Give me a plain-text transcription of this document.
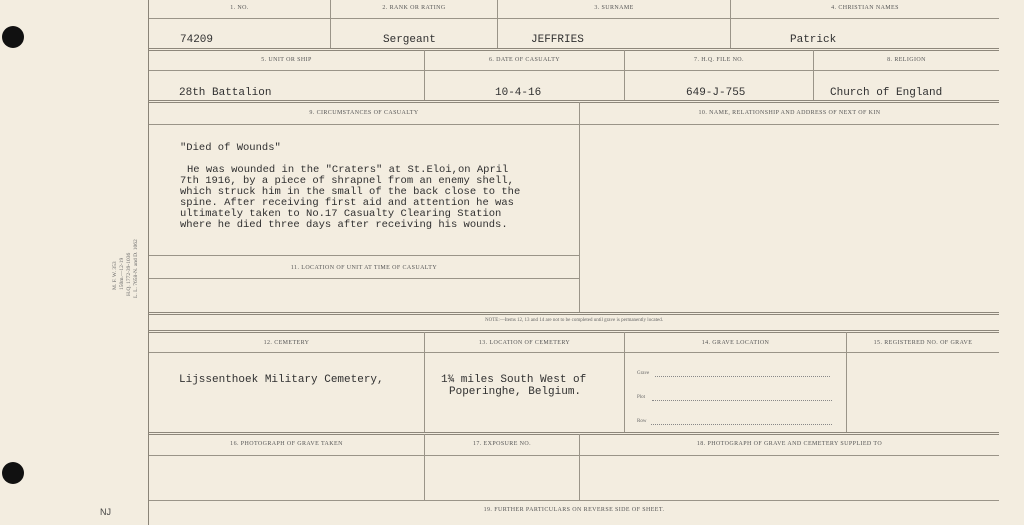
M. F. W. 353 150m.—12-19 H.Q. 1772-39-1036 L. L. 7658-N. and D. 1062
NJ
1. NO.	2. RANK OR RATING	3. SURNAME	4. CHRISTIAN NAMES
74209	Sergeant	JEFFRIES	Patrick
5. UNIT OR SHIP	6. DATE OF CASUALTY	7. H.Q. FILE NO.	8. RELIGION
28th Battalion	10-4-16	649-J-755	Church of England
9. CIRCUMSTANCES OF CASUALTY	10. NAME, RELATIONSHIP AND ADDRESS OF NEXT OF KIN
"Died of Wounds"
He was wounded in the "Craters" at St.Eloi,on April
7th 1916, by a piece of shrapnel from an enemy shell,
which struck him in the small of the back close to the
spine. After receiving first aid and attention he was
ultimately taken to No.17 Casualty Clearing Station
where he died three days after receiving his wounds.
11. LOCATION OF UNIT AT TIME OF CASUALTY
NOTE:—Items 12, 13 and 14 are not to be completed until grave is permanently located.
12. CEMETERY	13. LOCATION OF CEMETERY	14. GRAVE LOCATION	15. REGISTERED NO. OF GRAVE
Lijssenthoek Military Cemetery,	1¾ miles South West of
Poperinghe, Belgium.
Grave
Plot
Row
16. PHOTOGRAPH OF GRAVE TAKEN	17. EXPOSURE NO.	18. PHOTOGRAPH OF GRAVE AND CEMETERY SUPPLIED TO
19. FURTHER PARTICULARS ON REVERSE SIDE OF SHEET.
